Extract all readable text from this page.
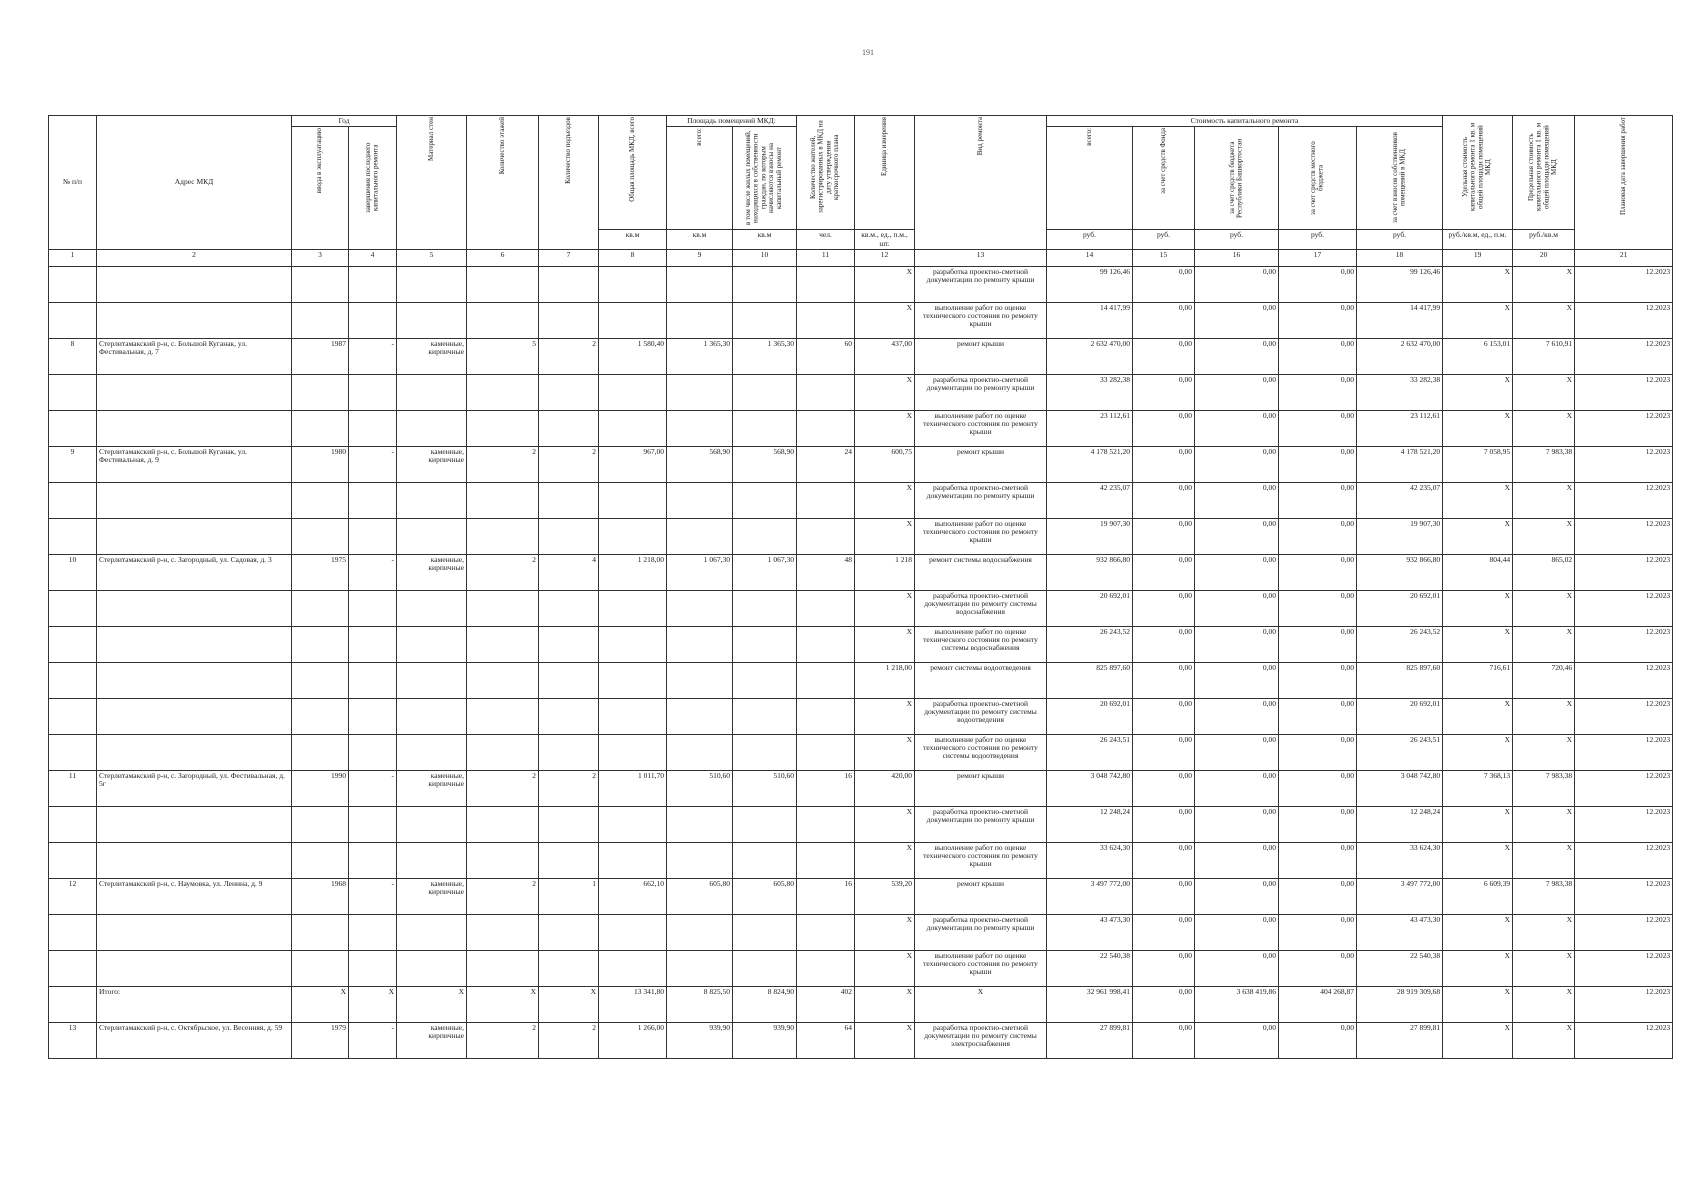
191
№ п/п	Адрес МКД	Год		Материал стен	Количество этажей	Количество подъездов	Общая площадь МКД, всего	Площадь помещений МКД:		Количество жителей, зарегистрированных в МКД на дату утверждения краткосрочного плана	Единица измерения	Вид ремонта	Стоимость капитального ремонта					Удельная стоимость капитального ремонта 1 кв. м общей площади помещений МКД	Предельная стоимость капитального ремонта 1 кв. м общей площади помещений МКД	Плановая дата завершения работ

		ввода в эксплуатацию	завершения последнего капитального ремонта					всего:	в том числе жилых помещений, находящихся в собственности граждан, по которым начисляются взносы на капитальный ремонт				всего:	за счет средств Фонда	за счет средств бюджета Республики Башкортостан	за счет средств местного бюджета	за счет взносов собственников помещений в МКД			

							кв.м	кв.м	кв.м	чел.	кв.м., ед., п.м., шт.		руб.	руб.	руб.	руб.	руб.	руб./кв.м, ед., п.м.	руб./кв.м	
1	2	3	4	5	6	7	8	9	10	11	12	13	14	15	16	17	18	19	20	21
											X	разработка проектно-сметной документации по ремонту крыши	99 126,46	0,00	0,00	0,00	99 126,46	X	X	12.2023
											X	выполнение работ по оценке технического состояния по ремонту крыши	14 417,99	0,00	0,00	0,00	14 417,99	X	X	12.2023
8	Стерлитамакский р-н, с. Большой Куганак, ул. Фестивальная, д. 7	1987	-	каменные, кирпичные	5	2	1 580,40	1 365,30	1 365,30	60	437,00	ремонт крыши	2 632 470,00	0,00	0,00	0,00	2 632 470,00	6 153,01	7 610,91	12.2023
											X	разработка проектно-сметной документации по ремонту крыши	33 282,38	0,00	0,00	0,00	33 282,38	X	X	12.2023
											X	выполнение работ по оценке технического состояния по ремонту крыши	23 112,61	0,00	0,00	0,00	23 112,61	X	X	12.2023
9	Стерлитамакский р-н, с. Большой Куганак, ул. Фестивальная, д. 9	1980	-	каменные, кирпичные	2	2	967,00	568,90	568,90	24	600,75	ремонт крыши	4 178 521,20	0,00	0,00	0,00	4 178 521,20	7 058,95	7 983,38	12.2023
											X	разработка проектно-сметной документации по ремонту крыши	42 235,07	0,00	0,00	0,00	42 235,07	X	X	12.2023
											X	выполнение работ по оценке технического состояния по ремонту крыши	19 907,30	0,00	0,00	0,00	19 907,30	X	X	12.2023
10	Стерлитамакский р-н, с. Загородный, ул. Садовая, д. 3	1975	-	каменные, кирпичные	2	4	1 218,00	1 067,30	1 067,30	48	1 218	ремонт системы водоснабжения	932 866,80	0,00	0,00	0,00	932 866,80	804,44	865,02	12.2023
											X	разработка проектно-сметной документации по ремонту системы водоснабжения	20 692,01	0,00	0,00	0,00	20 692,01	X	X	12.2023
											X	выполнение работ по оценке технического состояния по ремонту системы водоснабжения	26 243,52	0,00	0,00	0,00	26 243,52	X	X	12.2023
											1 218,00	ремонт системы водоотведения	825 897,60	0,00	0,00	0,00	825 897,60	716,61	720,46	12.2023
											X	разработка проектно-сметной документации по ремонту системы водоотведения	20 692,01	0,00	0,00	0,00	20 692,01	X	X	12.2023
											X	выполнение работ по оценке технического состояния по ремонту системы водоотведения	26 243,51	0,00	0,00	0,00	26 243,51	X	X	12.2023
11	Стерлитамакский р-н, с. Загородный, ул. Фестивальная, д. 5г	1990	-	каменные, кирпичные	2	2	1 011,70	510,60	510,60	16	420,00	ремонт крыши	3 048 742,80	0,00	0,00	0,00	3 048 742,80	7 368,13	7 983,38	12.2023
											X	разработка проектно-сметной документации по ремонту крыши	12 248,24	0,00	0,00	0,00	12 248,24	X	X	12.2023
											X	выполнение работ по оценке технического состояния по ремонту крыши	33 624,30	0,00	0,00	0,00	33 624,30	X	X	12.2023
12	Стерлитамакский р-н, с. Наумовка, ул. Ленина, д. 9	1968	-	каменные, кирпичные	2	1	662,10	605,80	605,80	16	539,20	ремонт крыши	3 497 772,00	0,00	0,00	0,00	3 497 772,00	6 609,39	7 983,38	12.2023
											X	разработка проектно-сметной документации по ремонту крыши	43 473,30	0,00	0,00	0,00	43 473,30	X	X	12.2023
											X	выполнение работ по оценке технического состояния по ремонту крыши	22 540,38	0,00	0,00	0,00	22 540,38	X	X	12.2023
	Итого:	X	X	X	X	X	13 341,80	8 825,50	8 824,90	402	X	X	32 961 998,41	0,00	3 638 419,86	404 268,87	28 919 309,68	X	X	12.2023
13	Стерлитамакский р-н, с. Октябрьское, ул. Весенняя, д. 59	1979	-	каменные, кирпичные	2	2	1 266,00	939,90	939,90	64	X	разработка проектно-сметной документации по ремонту системы электроснабжения	27 899,81	0,00	0,00	0,00	27 899,81	X	X	12.2023
